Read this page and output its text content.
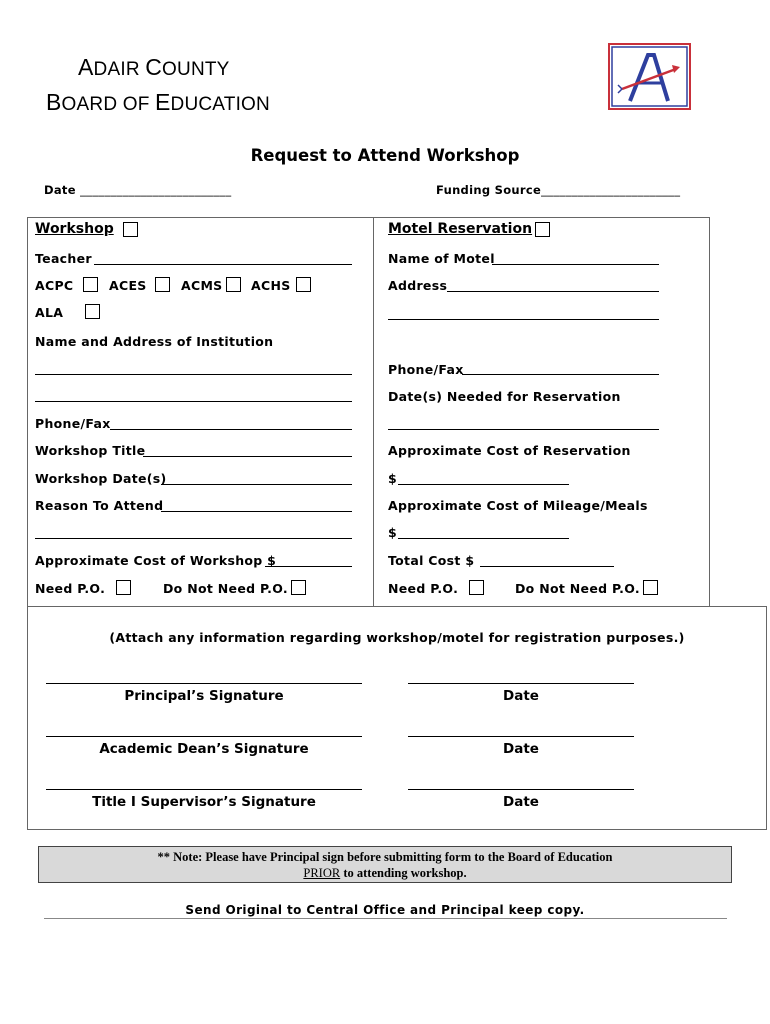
ADAIR COUNTY
BOARD OF EDUCATION
Request to Attend Workshop
Date _________________________	Funding Source_______________________
Workshop
Teacher
ACPC	ACES	ACMS ACHS
ALA
Name and Address of Institution
Phone/Fax
Workshop Title
Workshop Date(s)
Reason To Attend
Approximate Cost of Workshop $
Need P.O.	Do Not Need P.O.
Motel Reservation
Name of Motel
Address
Phone/Fax
Date(s) Needed for Reservation
Approximate Cost of Reservation
$
Approximate Cost of Mileage/Meals
$
Total Cost $
Need P.O.	Do Not Need P.O.
(Attach any information regarding workshop/motel for registration purposes.)
Principal’s Signature	Date
Academic Dean’s Signature	Date
Title I Supervisor’s Signature	Date
** Note: Please have Principal sign before submitting form to the Board of Education
PRIOR to attending workshop.
Send Original to Central Office and Principal keep copy.
